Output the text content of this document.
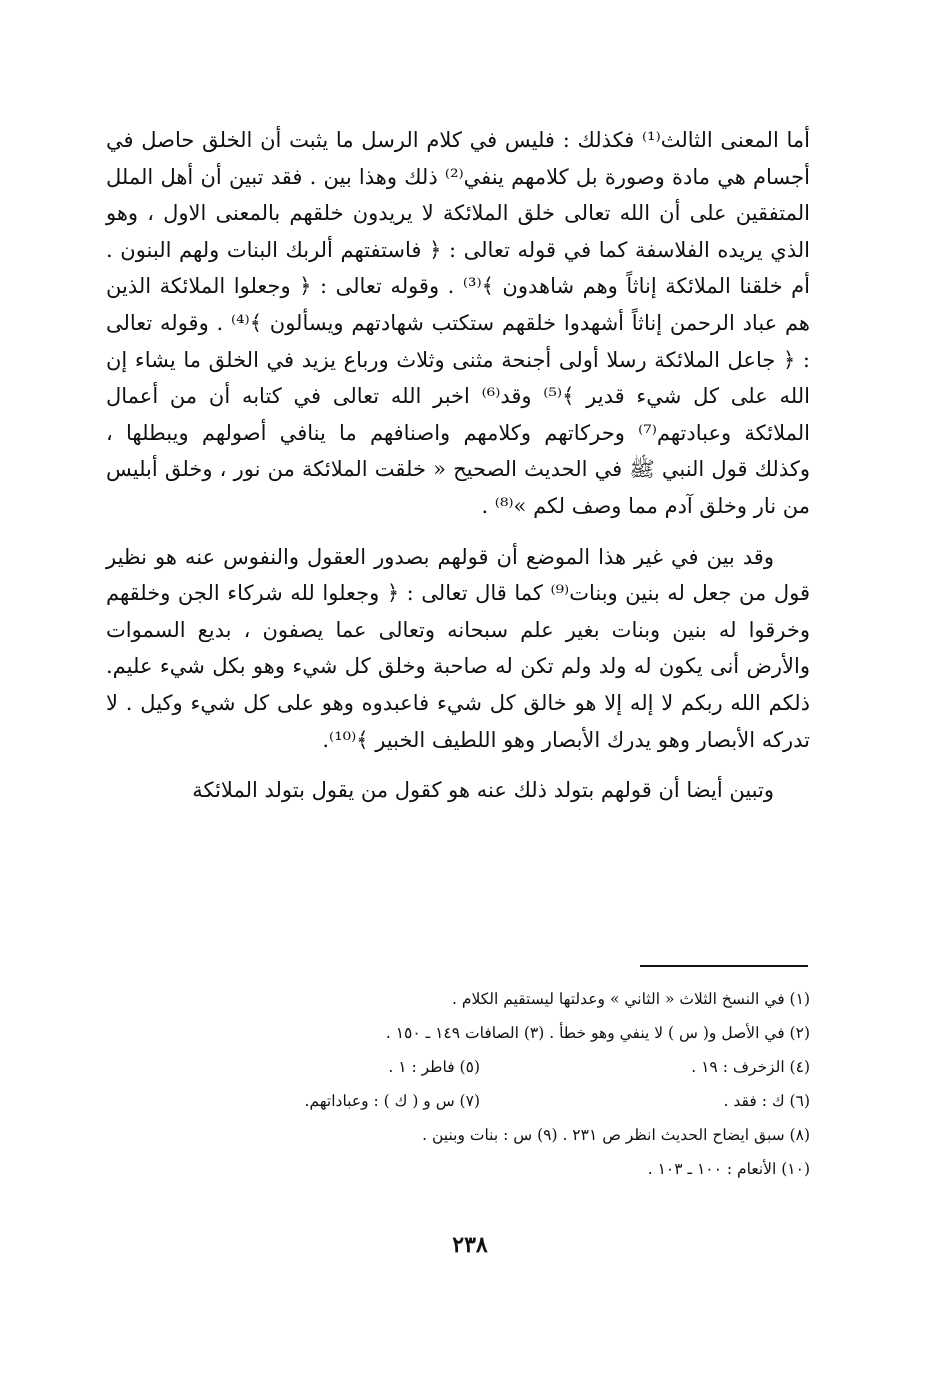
أما المعنى الثالث⁽¹⁾ فكذلك : فليس في كلام الرسل ما يثبت أن الخلق حاصل في أجسام هي مادة وصورة بل كلامهم ينفي⁽²⁾ ذلك وهذا بين . فقد تبين أن أهل الملل المتفقين على أن الله تعالى خلق الملائكة لا يريدون خلقهم بالمعنى الاول ، وهو الذي يريده الفلاسفة كما في قوله تعالى : ﴿ فاستفتهم ألربك البنات ولهم البنون . أم خلقنا الملائكة إناثاً وهم شاهدون ﴾⁽³⁾ . وقوله تعالى : ﴿ وجعلوا الملائكة الذين هم عباد الرحمن إناثاً أشهدوا خلقهم ستكتب شهادتهم ويسألون ﴾⁽⁴⁾ . وقوله تعالى : ﴿ جاعل الملائكة رسلا أولى أجنحة مثنى وثلاث ورباع يزيد في الخلق ما يشاء إن الله على كل شيء قدير ﴾⁽⁵⁾ وقد⁽⁶⁾ اخبر الله تعالى في كتابه أن من أعمال الملائكة وعبادتهم⁽⁷⁾ وحركاتهم وكلامهم واصنافهم ما ينافي أصولهم ويبطلها ، وكذلك قول النبي ﷺ في الحديث الصحيح « خلقت الملائكة من نور ، وخلق أبليس من نار وخلق آدم مما وصف لكم »⁽⁸⁾ .

وقد بين في غير هذا الموضع أن قولهم بصدور العقول والنفوس عنه هو نظير قول من جعل له بنين وبنات⁽⁹⁾ كما قال تعالى : ﴿ وجعلوا لله شركاء الجن وخلقهم وخرقوا له بنين وبنات بغير علم سبحانه وتعالى عما يصفون ، بديع السموات والأرض أنى يكون له ولد ولم تكن له صاحبة وخلق كل شيء وهو بكل شيء عليم. ذلكم الله ربكم لا إله إلا هو خالق كل شيء فاعبدوه وهو على كل شيء وكيل . لا تدركه الأبصار وهو يدرك الأبصار وهو اللطيف الخبير ﴾⁽¹⁰⁾.

وتبين أيضا أن قولهم بتولد ذلك عنه هو كقول من يقول بتولد الملائكة

(١) في النسخ الثلاث « الثاني » وعدلتها ليستقيم الكلام .
(٢) في الأصل و( س ) لا ينفي وهو خطأ . (٣) الصافات ١٤٩ ـ ١٥٠ .
(٤) الزخرف : ١٩ .
(٥) فاطر : ١ .
(٦) ك : فقد .
(٧) س و ( ك ) : وعباداتهم.
(٨) سبق ايضاح الحديث انظر ص ٢٣١ . (٩) س : بنات وبنين .
(١٠) الأنعام : ١٠٠ ـ ١٠٣ .
٢٣٨
